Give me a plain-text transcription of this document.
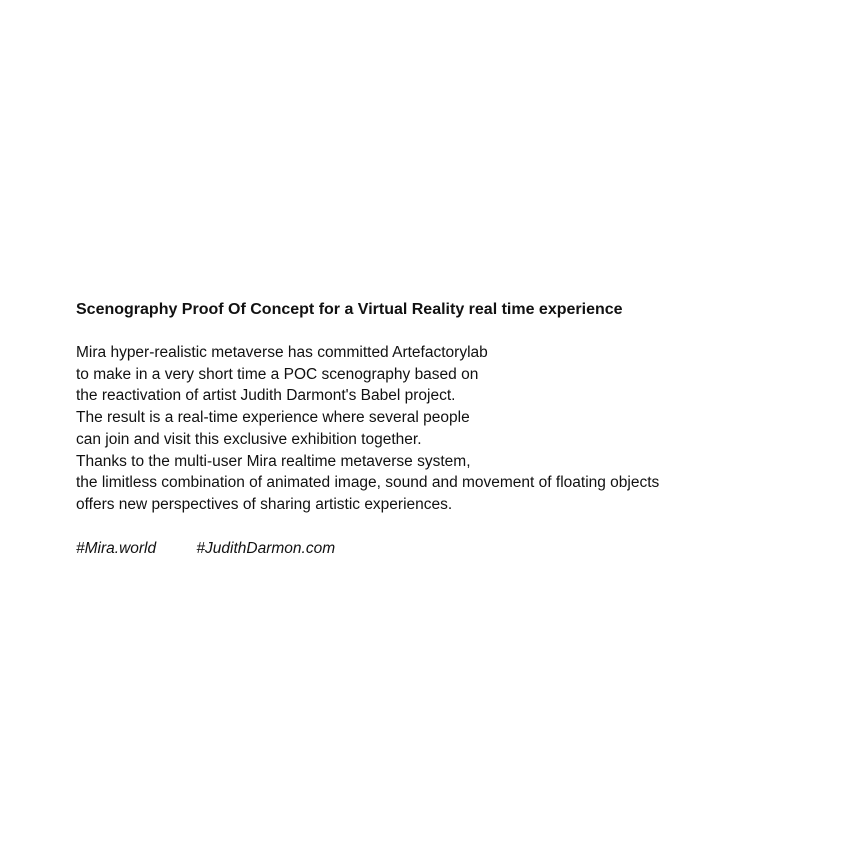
Scenography Proof Of Concept for a Virtual Reality real time experience
Mira hyper-realistic metaverse has committed Artefactorylab
to make in a very short time a POC scenography based on
the reactivation of artist Judith Darmont's Babel project.
The result is a real-time experience where several people
can join and visit this exclusive exhibition together.
Thanks to the multi-user Mira realtime metaverse system,
the limitless combination of animated image, sound and movement of floating objects
offers new perspectives of sharing artistic experiences.
#Mira.world	#JudithDarmon.com
